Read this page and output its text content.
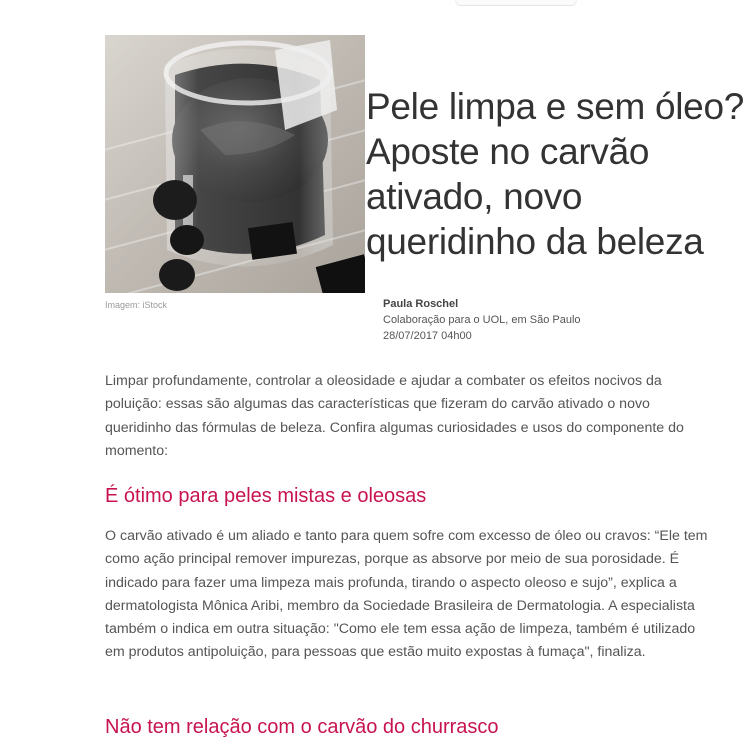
Imagem: iStock
Pele limpa e sem óleo? Aposte no carvão ativado, novo queridinho da beleza
Paula Roschel
Colaboração para o UOL, em São Paulo
28/07/2017 04h00

Limpar profundamente, controlar a oleosidade e ajudar a combater os efeitos nocivos da poluição: essas são algumas das características que fizeram do carvão ativado o novo queridinho das fórmulas de beleza. Confira algumas curiosidades e usos do componente do momento:

É ótimo para peles mistas e oleosas

O carvão ativado é um aliado e tanto para quem sofre com excesso de óleo ou cravos: “Ele tem como ação principal remover impurezas, porque as absorve por meio de sua porosidade. É indicado para fazer uma limpeza mais profunda, tirando o aspecto oleoso e sujo”, explica a dermatologista Mônica Aribi, membro da Sociedade Brasileira de Dermatologia. A especialista também o indica em outra situação: "Como ele tem essa ação de limpeza, também é utilizado em produtos antipoluição, para pessoas que estão muito expostas à fumaça", finaliza.

Não tem relação com o carvão do churrasco
